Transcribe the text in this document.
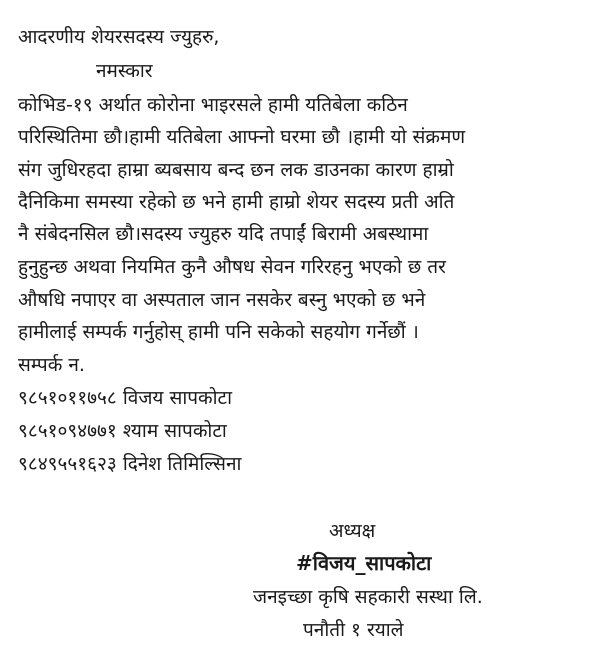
आदरणीय शेयरसदस्य ज्युहरु,
नमस्कार
कोभिड-१९ अर्थात कोरोना भाइरसले हामी यतिबेला कठिन
परिस्थितिमा छौ।हामी यतिबेला आफ्नो घरमा छौ ।हामी यो संक्रमण
संग जुधिरहदा हाम्रा ब्यबसाय बन्द छन लक डाउनका कारण हाम्रो
दैनिकिमा समस्या रहेको छ भने हामी हाम्रो शेयर सदस्य प्रती अति
नै संबेदनसिल छौ।सदस्य ज्युहरु यदि तपाईं बिरामी अबस्थामा
हुनुहुन्छ अथवा नियमित कुनै औषध सेवन गरिरहनु भएको छ तर
औषधि नपाएर वा अस्पताल जान नसकेर बस्नु भएको छ भने
हामीलाई सम्पर्क गर्नुहोस् हामी पनि सकेको सहयोग गर्नेछौं ।
सम्पर्क न.
९८५१०११७५८ विजय सापकोटा
९८५१०९४७७१ श्याम सापकोटा
९८४९५५१६२३ दिनेश तिमिल्सिना
अध्यक्ष
#विजय_सापकोटा
जनइच्छा कृषि सहकारी सस्था लि.
पनौती १ रयाले
